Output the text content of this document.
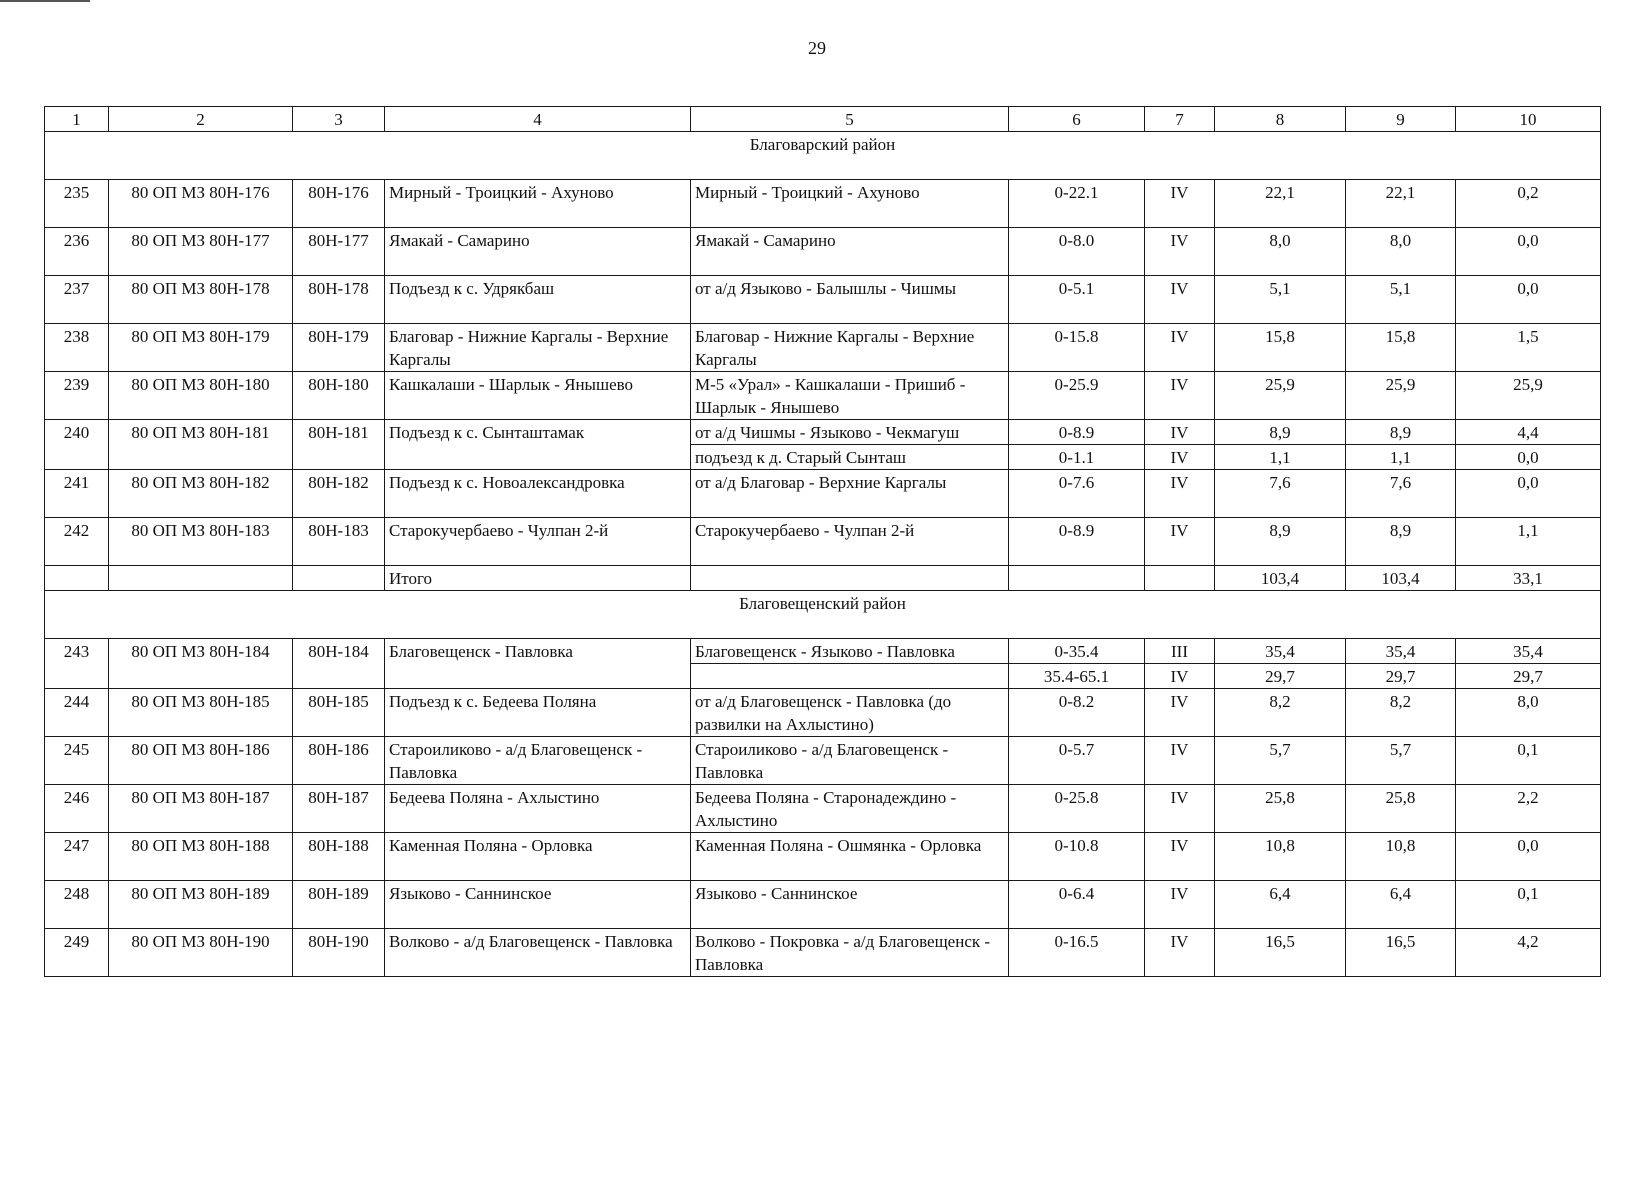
29
1	2	3	4	5	6	7	8	9	10
Благоварский район									
235	80 ОП МЗ 80Н-176	80Н-176	Мирный - Троицкий - Ахуново	Мирный - Троицкий - Ахуново	0-22.1	IV	22,1	22,1	0,2
236	80 ОП МЗ 80Н-177	80Н-177	Ямакай - Самарино	Ямакай - Самарино	0-8.0	IV	8,0	8,0	0,0
237	80 ОП МЗ 80Н-178	80Н-178	Подъезд к с. Удрякбаш	от а/д Языково - Балышлы - Чишмы	0-5.1	IV	5,1	5,1	0,0
238	80 ОП МЗ 80Н-179	80Н-179	Благовар - Нижние Каргалы - Верхние Каргалы	Благовар - Нижние Каргалы - Верхние Каргалы	0-15.8	IV	15,8	15,8	1,5
239	80 ОП МЗ 80Н-180	80Н-180	Кашкалаши - Шарлык - Янышево	М-5 «Урал» - Кашкалаши - Пришиб - Шарлык - Янышево	0-25.9	IV	25,9	25,9	25,9
240	80 ОП МЗ 80Н-181	80Н-181	Подъезд к с. Сынташтамак	от а/д Чишмы - Языково - Чекмагуш	0-8.9	IV	8,9	8,9	4,4
				подъезд к д. Старый Сынташ	0-1.1	IV	1,1	1,1	0,0
241	80 ОП МЗ 80Н-182	80Н-182	Подъезд к с. Новоалександровка	от а/д Благовар - Верхние Каргалы	0-7.6	IV	7,6	7,6	0,0
242	80 ОП МЗ 80Н-183	80Н-183	Старокучербаево - Чулпан 2-й	Старокучербаево - Чулпан 2-й	0-8.9	IV	8,9	8,9	1,1
			Итого				103,4	103,4	33,1
Благовещенский район									
243	80 ОП МЗ 80Н-184	80Н-184	Благовещенск - Павловка	Благовещенск - Языково - Павловка	0-35.4	III	35,4	35,4	35,4
					35.4-65.1	IV	29,7	29,7	29,7
244	80 ОП МЗ 80Н-185	80Н-185	Подъезд к с. Бедеева Поляна	от а/д Благовещенск - Павловка (до развилки на Ахлыстино)	0-8.2	IV	8,2	8,2	8,0
245	80 ОП МЗ 80Н-186	80Н-186	Староиликово - а/д Благовещенск - Павловка	Староиликово - а/д Благовещенск - Павловка	0-5.7	IV	5,7	5,7	0,1
246	80 ОП МЗ 80Н-187	80Н-187	Бедеева Поляна - Ахлыстино	Бедеева Поляна - Старонадеждино - Ахлыстино	0-25.8	IV	25,8	25,8	2,2
247	80 ОП МЗ 80Н-188	80Н-188	Каменная Поляна - Орловка	Каменная Поляна - Ошмянка - Орловка	0-10.8	IV	10,8	10,8	0,0
248	80 ОП МЗ 80Н-189	80Н-189	Языково - Саннинское	Языково - Саннинское	0-6.4	IV	6,4	6,4	0,1
249	80 ОП МЗ 80Н-190	80Н-190	Волково - а/д Благовещенск - Павловка	Волково - Покровка - а/д Благовещенск - Павловка	0-16.5	IV	16,5	16,5	4,2
